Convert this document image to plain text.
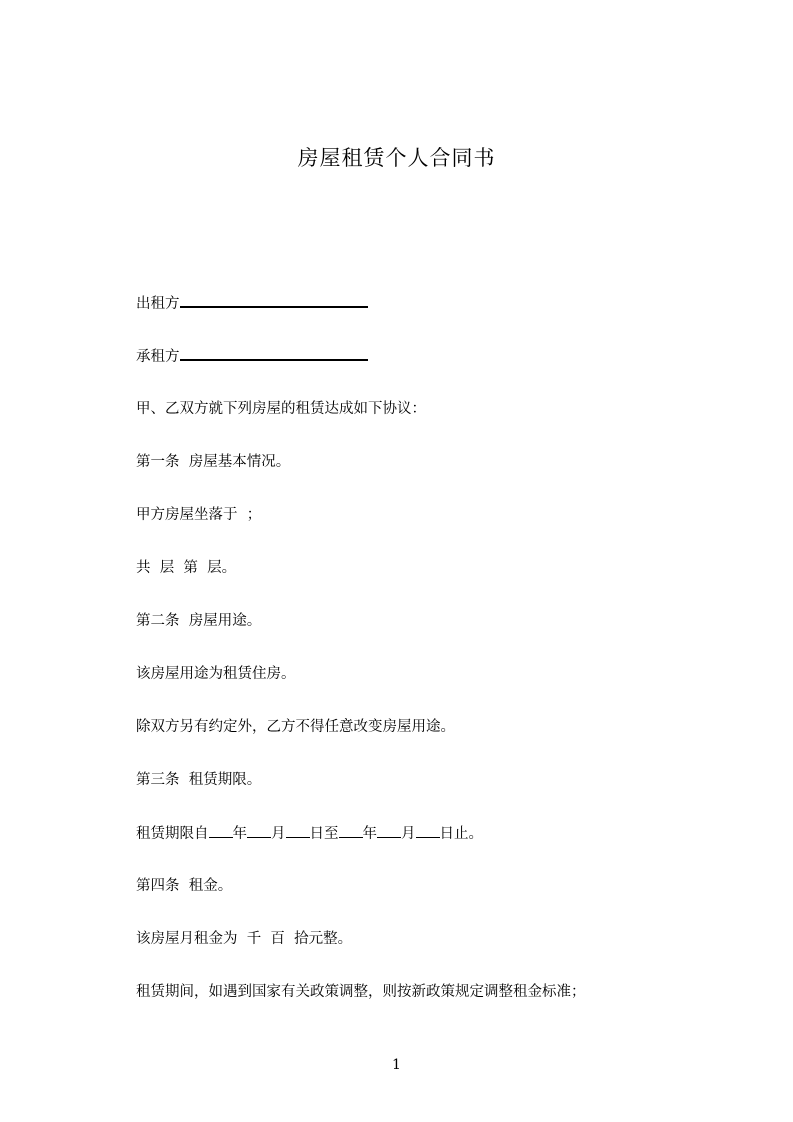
房屋租赁个人合同书
出租方
承租方
甲、乙双方就下列房屋的租赁达成如下协议：
第一条  房屋基本情况。
甲方房屋坐落于  ；
共  层  第  层。
第二条  房屋用途。
该房屋用途为租赁住房。
除双方另有约定外，乙方不得任意改变房屋用途。
第三条  租赁期限。
租赁期限自 年 月 日至 年 月 日止。
第四条  租金。
该房屋月租金为  千  百  拾元整。
租赁期间，如遇到国家有关政策调整，则按新政策规定调整租金标准；
1
